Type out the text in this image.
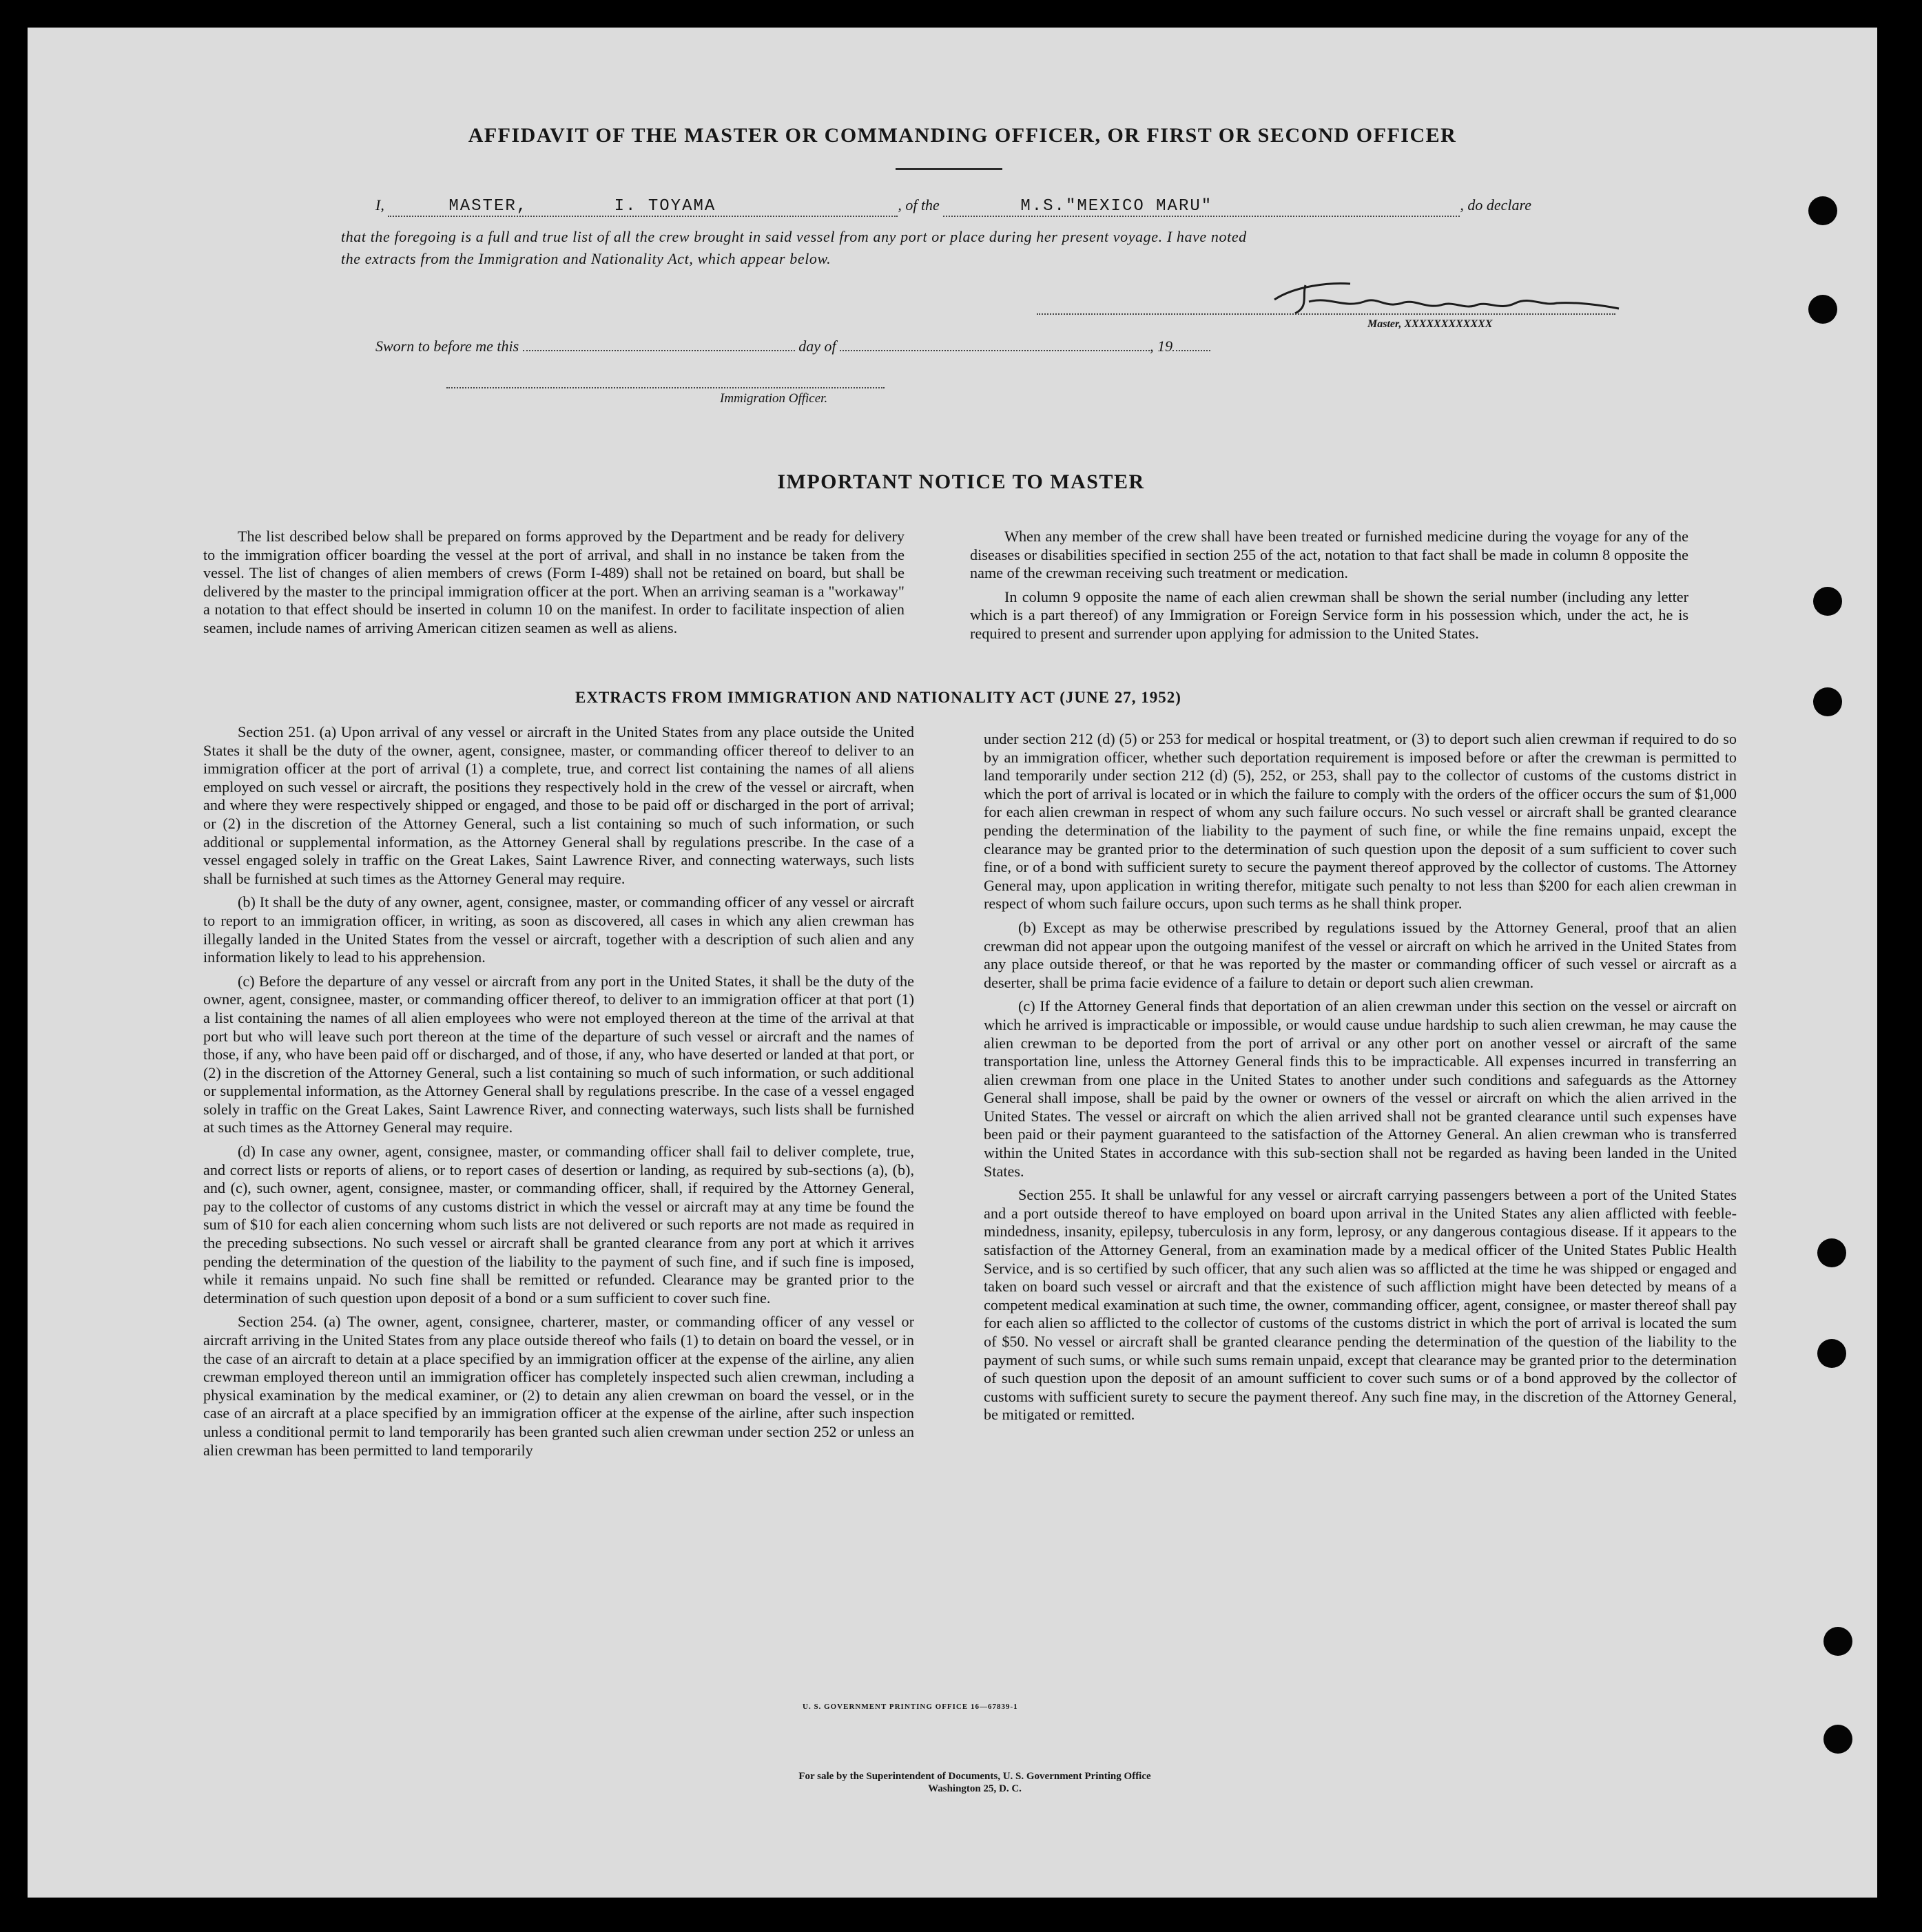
AFFIDAVIT OF THE MASTER OR COMMANDING OFFICER, OR FIRST OR SECOND OFFICER
I,	MASTER,	I. TOYAMA	, of the	M.S."MEXICO MARU"	, do declare
that the foregoing is a full and true list of all the crew brought in said vessel from any port or place during her present voyage. I have noted
the extracts from the Immigration and Nationality Act, which appear below.
Master, XXXXXXXXXXXX
Sworn to before me this	day of	, 19
Immigration Officer.
IMPORTANT NOTICE TO MASTER

The list described below shall be prepared on forms approved by the Department and be ready for delivery to the immigration officer boarding the vessel at the port of arrival, and shall in no instance be taken from the vessel. The list of changes of alien members of crews (Form I-489) shall not be retained on board, but shall be delivered by the master to the principal immigration officer at the port. When an arriving seaman is a "workaway" a notation to that effect should be inserted in column 10 on the manifest. In order to facilitate inspection of alien seamen, include names of arriving American citizen seamen as well as aliens.

When any member of the crew shall have been treated or furnished medicine during the voyage for any of the diseases or disabilities specified in section 255 of the act, notation to that fact shall be made in column 8 opposite the name of the crewman receiving such treatment or medication.

In column 9 opposite the name of each alien crewman shall be shown the serial number (including any letter which is a part thereof) of any Immigration or Foreign Service form in his possession which, under the act, he is required to present and surrender upon applying for admission to the United States.

EXTRACTS FROM IMMIGRATION AND NATIONALITY ACT (JUNE 27, 1952)

Section 251. (a) Upon arrival of any vessel or aircraft in the United States from any place outside the United States it shall be the duty of the owner, agent, consignee, master, or commanding officer thereof to deliver to an immigration officer at the port of arrival (1) a complete, true, and correct list containing the names of all aliens employed on such vessel or aircraft, the positions they respectively hold in the crew of the vessel or aircraft, when and where they were respectively shipped or engaged, and those to be paid off or discharged in the port of arrival; or (2) in the discretion of the Attorney General, such a list containing so much of such information, or such additional or supplemental information, as the Attorney General shall by regulations prescribe. In the case of a vessel engaged solely in traffic on the Great Lakes, Saint Lawrence River, and connecting waterways, such lists shall be furnished at such times as the Attorney General may require.

(b) It shall be the duty of any owner, agent, consignee, master, or commanding officer of any vessel or aircraft to report to an immigration officer, in writing, as soon as discovered, all cases in which any alien crewman has illegally landed in the United States from the vessel or aircraft, together with a description of such alien and any information likely to lead to his apprehension.

(c) Before the departure of any vessel or aircraft from any port in the United States, it shall be the duty of the owner, agent, consignee, master, or commanding officer thereof, to deliver to an immigration officer at that port (1) a list containing the names of all alien employees who were not employed thereon at the time of the arrival at that port but who will leave such port thereon at the time of the departure of such vessel or aircraft and the names of those, if any, who have been paid off or discharged, and of those, if any, who have deserted or landed at that port, or (2) in the discretion of the Attorney General, such a list containing so much of such information, or such additional or supplemental information, as the Attorney General shall by regulations prescribe. In the case of a vessel engaged solely in traffic on the Great Lakes, Saint Lawrence River, and connecting waterways, such lists shall be furnished at such times as the Attorney General may require.

(d) In case any owner, agent, consignee, master, or commanding officer shall fail to deliver complete, true, and correct lists or reports of aliens, or to report cases of desertion or landing, as required by sub-sections (a), (b), and (c), such owner, agent, consignee, master, or commanding officer, shall, if required by the Attorney General, pay to the collector of customs of any customs district in which the vessel or aircraft may at any time be found the sum of $10 for each alien concerning whom such lists are not delivered or such reports are not made as required in the preceding subsections. No such vessel or aircraft shall be granted clearance from any port at which it arrives pending the determination of the question of the liability to the payment of such fine, and if such fine is imposed, while it remains unpaid. No such fine shall be remitted or refunded. Clearance may be granted prior to the determination of such question upon deposit of a bond or a sum sufficient to cover such fine.

Section 254. (a) The owner, agent, consignee, charterer, master, or commanding officer of any vessel or aircraft arriving in the United States from any place outside thereof who fails (1) to detain on board the vessel, or in the case of an aircraft to detain at a place specified by an immigration officer at the expense of the airline, any alien crewman employed thereon until an immigration officer has completely inspected such alien crewman, including a physical examination by the medical examiner, or (2) to detain any alien crewman on board the vessel, or in the case of an aircraft at a place specified by an immigration officer at the expense of the airline, after such inspection unless a conditional permit to land temporarily has been granted such alien crewman under section 252 or unless an alien crewman has been permitted to land temporarily

under section 212 (d) (5) or 253 for medical or hospital treatment, or (3) to deport such alien crewman if required to do so by an immigration officer, whether such deportation requirement is imposed before or after the crewman is permitted to land temporarily under section 212 (d) (5), 252, or 253, shall pay to the collector of customs of the customs district in which the port of arrival is located or in which the failure to comply with the orders of the officer occurs the sum of $1,000 for each alien crewman in respect of whom any such failure occurs. No such vessel or aircraft shall be granted clearance pending the determination of the liability to the payment of such fine, or while the fine remains unpaid, except the clearance may be granted prior to the determination of such question upon the deposit of a sum sufficient to cover such fine, or of a bond with sufficient surety to secure the payment thereof approved by the collector of customs. The Attorney General may, upon application in writing therefor, mitigate such penalty to not less than $200 for each alien crewman in respect of whom such failure occurs, upon such terms as he shall think proper.

(b) Except as may be otherwise prescribed by regulations issued by the Attorney General, proof that an alien crewman did not appear upon the outgoing manifest of the vessel or aircraft on which he arrived in the United States from any place outside thereof, or that he was reported by the master or commanding officer of such vessel or aircraft as a deserter, shall be prima facie evidence of a failure to detain or deport such alien crewman.

(c) If the Attorney General finds that deportation of an alien crewman under this section on the vessel or aircraft on which he arrived is impracticable or impossible, or would cause undue hardship to such alien crewman, he may cause the alien crewman to be deported from the port of arrival or any other port on another vessel or aircraft of the same transportation line, unless the Attorney General finds this to be impracticable. All expenses incurred in transferring an alien crewman from one place in the United States to another under such conditions and safeguards as the Attorney General shall impose, shall be paid by the owner or owners of the vessel or aircraft on which the alien arrived in the United States. The vessel or aircraft on which the alien arrived shall not be granted clearance until such expenses have been paid or their payment guaranteed to the satisfaction of the Attorney General. An alien crewman who is transferred within the United States in accordance with this sub-section shall not be regarded as having been landed in the United States.

Section 255. It shall be unlawful for any vessel or aircraft carrying passengers between a port of the United States and a port outside thereof to have employed on board upon arrival in the United States any alien afflicted with feeble-mindedness, insanity, epilepsy, tuberculosis in any form, leprosy, or any dangerous contagious disease. If it appears to the satisfaction of the Attorney General, from an examination made by a medical officer of the United States Public Health Service, and is so certified by such officer, that any such alien was so afflicted at the time he was shipped or engaged and taken on board such vessel or aircraft and that the existence of such affliction might have been detected by means of a competent medical examination at such time, the owner, commanding officer, agent, consignee, or master thereof shall pay for each alien so afflicted to the collector of customs of the customs district in which the port of arrival is located the sum of $50. No vessel or aircraft shall be granted clearance pending the determination of the question of the liability to the payment of such sums, or while such sums remain unpaid, except that clearance may be granted prior to the determination of such question upon the deposit of an amount sufficient to cover such sums or of a bond approved by the collector of customs with sufficient surety to secure the payment thereof. Any such fine may, in the discretion of the Attorney General, be mitigated or remitted.

U. S. GOVERNMENT PRINTING OFFICE 16—67839-1
For sale by the Superintendent of Documents, U. S. Government Printing Office
Washington 25, D. C.
